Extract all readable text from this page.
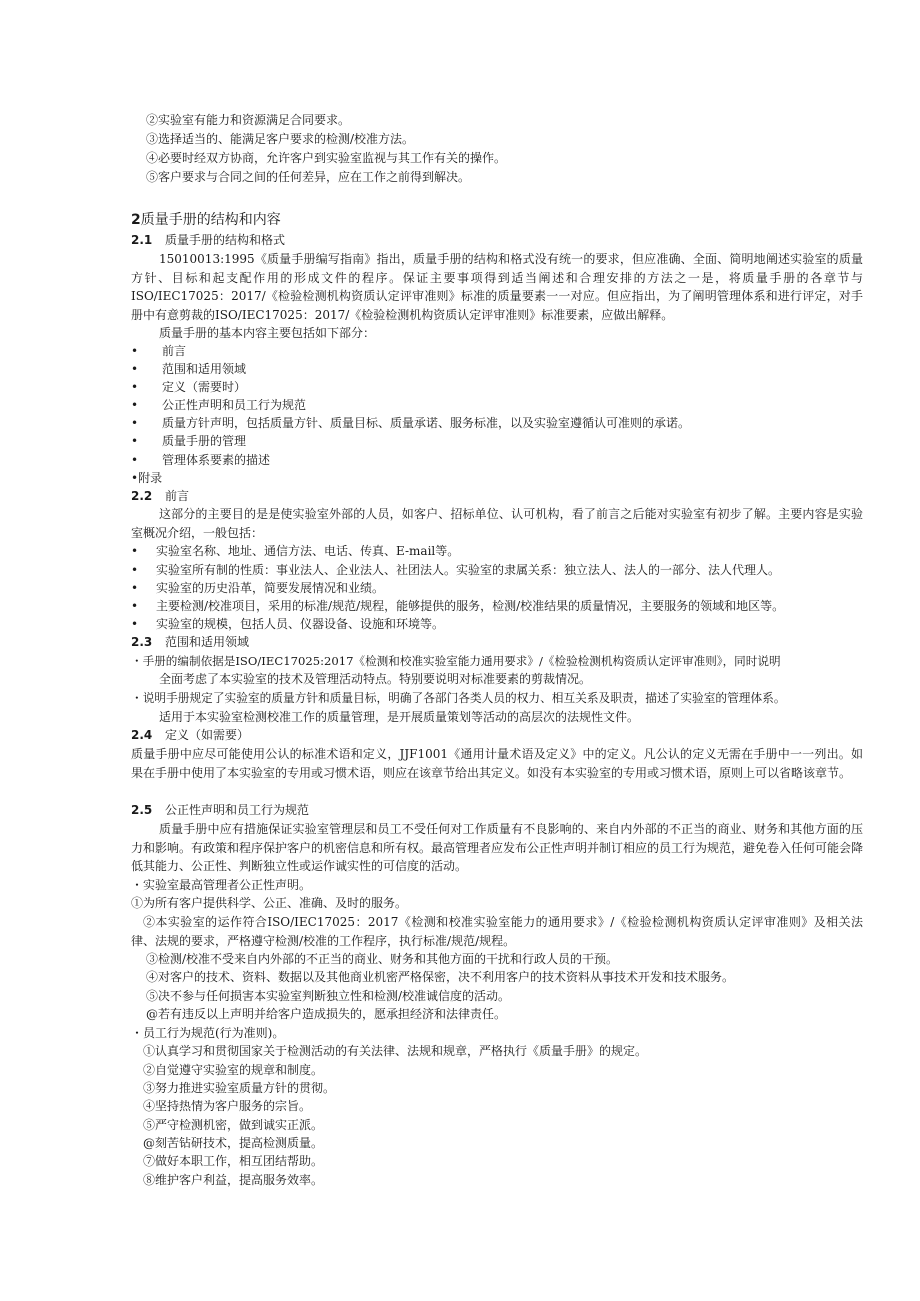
②实验室有能力和资源满足合同要求。
③选择适当的、能满足客户要求的检测/校准方法。
④必要时经双方协商，允许客户到实验室监视与其工作有关的操作。
⑤客户要求与合同之间的任何差异，应在工作之前得到解决。
2质量手册的结构和内容
2.1 质量手册的结构和格式
15010013:1995《质量手册编写指南》指出，质量手册的结构和格式没有统一的要求，但应准确、全面、简明地阐述实验室的质量方针、目标和起支配作用的形成文件的程序。保证主要事项得到适当阐述和合理安排的方法之一是，将质量手册的各章节与ISO/IEC17025：2017/《检验检测机构资质认定评审准则》标准的质量要素一一对应。但应指出，为了阐明管理体系和进行评定，对手册中有意剪裁的ISO/IEC17025：2017/《检验检测机构资质认定评审准则》标准要素，应做出解释。
质量手册的基本内容主要包括如下部分：
• 前言
• 范围和适用领域
• 定义（需要时）
• 公正性声明和员工行为规范
• 质量方针声明，包括质量方针、质量目标、质量承诺、服务标准，以及实验室遵循认可准则的承诺。
• 质量手册的管理
• 管理体系要素的描述
•附录
2.2 前言
这部分的主要目的是是使实验室外部的人员，如客户、招标单位、认可机构，看了前言之后能对实验室有初步了解。主要内容是实验室概况介绍，一般包括：
• 实验室名称、地址、通信方法、电话、传真、E-mail等。
• 实验室所有制的性质：事业法人、企业法人、社团法人。实验室的隶属关系：独立法人、法人的一部分、法人代理人。
• 实验室的历史沿革，简要发展情况和业绩。
• 主要检测/校准项目，采用的标准/规范/规程，能够提供的服务，检测/校准结果的质量情况，主要服务的领域和地区等。
• 实验室的规模，包括人员、仪器设备、设施和环境等。
2.3 范围和适用领域
・手册的编制依据是ISO/IEC17025:2017《检测和校准实验室能力通用要求》/《检验检测机构资质认定评审准则》，同时说明
全面考虑了本实验室的技术及管理活动特点。特别要说明对标准要素的剪裁情况。
・说明手册规定了实验室的质量方针和质量目标，明确了各部门各类人员的权力、相互关系及职责，描述了实验室的管理体系。
适用于本实验室检测校准工作的质量管理，是开展质量策划等活动的高层次的法规性文件。
2.4 定义（如需要）
质量手册中应尽可能使用公认的标准术语和定义，JJF1001《通用计量术语及定义》中的定义。凡公认的定义无需在手册中一一列出。如果在手册中使用了本实验室的专用或习惯术语，则应在该章节给出其定义。如没有本实验室的专用或习惯术语，原则上可以省略该章节。
2.5 公正性声明和员工行为规范
质量手册中应有措施保证实验室管理层和员工不受任何对工作质量有不良影响的、来自内外部的不正当的商业、财务和其他方面的压力和影响。有政策和程序保护客户的机密信息和所有权。最高管理者应发布公正性声明并制订相应的员工行为规范，避免卷入任何可能会降低其能力、公正性、判断独立性或运作诚实性的可信度的活动。
・实验室最高管理者公正性声明。
①为所有客户提供科学、公正、准确、及时的服务。
②本实验室的运作符合ISO/IEC17025：2017《检测和校准实验室能力的通用要求》/《检验检测机构资质认定评审准则》及相关法律、法规的要求，严格遵守检测/校准的工作程序，执行标准/规范/规程。
③检测/校准不受来自内外部的不正当的商业、财务和其他方面的干扰和行政人员的干预。
④对客户的技术、资料、数据以及其他商业机密严格保密，决不利用客户的技术资料从事技术开发和技术服务。
⑤决不参与任何损害本实验室判断独立性和检测/校准诚信度的活动。
@若有违反以上声明并给客户造成损失的，愿承担经济和法律责任。
・员工行为规范(行为准则)。
①认真学习和贯彻国家关于检测活动的有关法律、法规和规章，严格执行《质量手册》的规定。
②自觉遵守实验室的规章和制度。
③努力推进实验室质量方针的贯彻。
④坚持热情为客户服务的宗旨。
⑤严守检测机密，做到诚实正派。
@刻苦钻研技术，提高检测质量。
⑦做好本职工作，相互团结帮助。
⑧维护客户利益，提高服务效率。
